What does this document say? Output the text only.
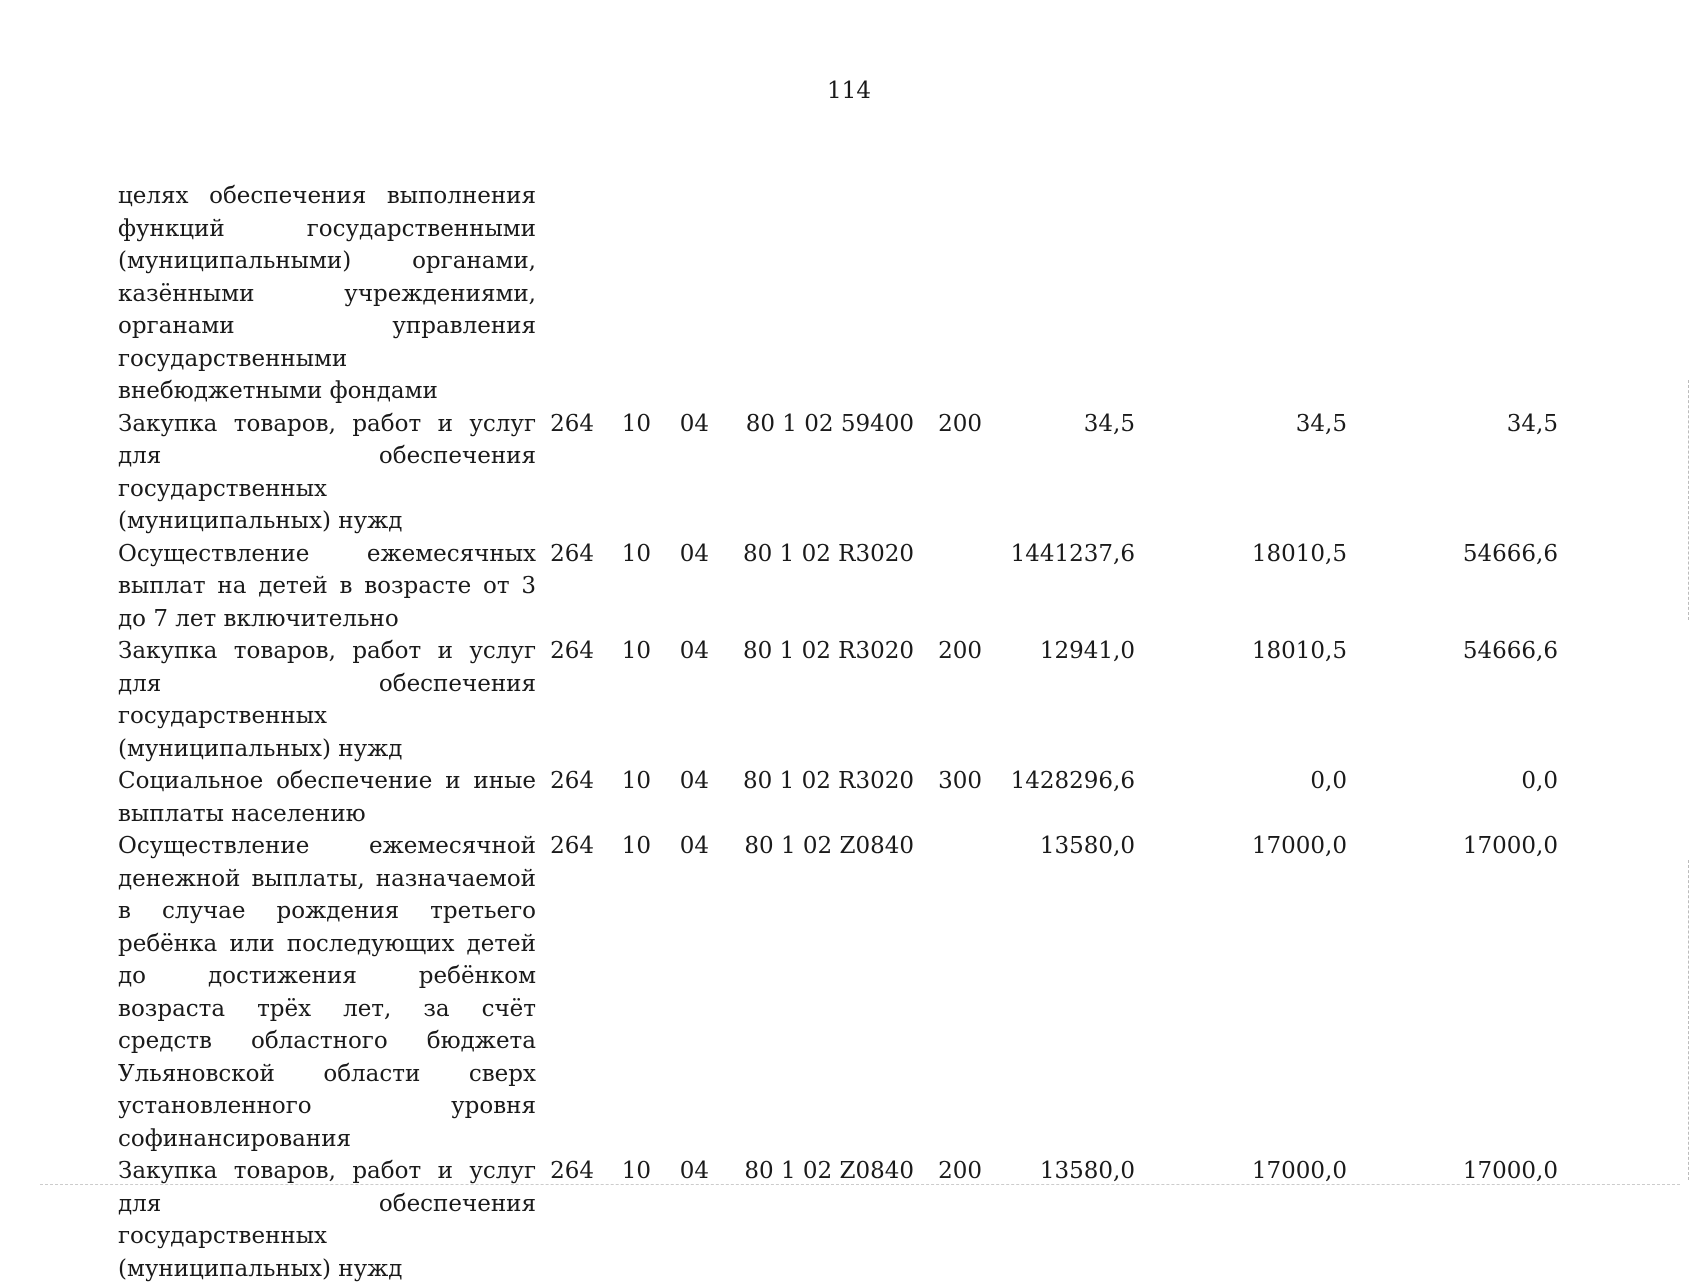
114
целях обеспечения выполнения функций государственными (муниципальными) органами, казёнными учреждениями, органами управления государственными внебюджетными фондами								
Закупка товаров, работ и услуг для обеспечения государственных (муниципальных) нужд	264	10	04	80 1 02 59400	200	34,5	34,5	34,5
Осуществление ежемесячных выплат на детей в возрасте от 3 до 7 лет включительно	264	10	04	80 1 02 R3020		1441237,6	18010,5	54666,6
Закупка товаров, работ и услуг для обеспечения государственных (муниципальных) нужд	264	10	04	80 1 02 R3020	200	12941,0	18010,5	54666,6
Социальное обеспечение и иные выплаты населению	264	10	04	80 1 02 R3020	300	1428296,6	0,0	0,0
Осуществление ежемесячной денежной выплаты, назначаемой в случае рождения третьего ребёнка или последующих детей до достижения ребёнком возраста трёх лет, за счёт средств областного бюджета Ульяновской области сверх установленного уровня софинансирования	264	10	04	80 1 02 Z0840		13580,0	17000,0	17000,0
Закупка товаров, работ и услуг для обеспечения государственных (муниципальных) нужд	264	10	04	80 1 02 Z0840	200	13580,0	17000,0	17000,0
